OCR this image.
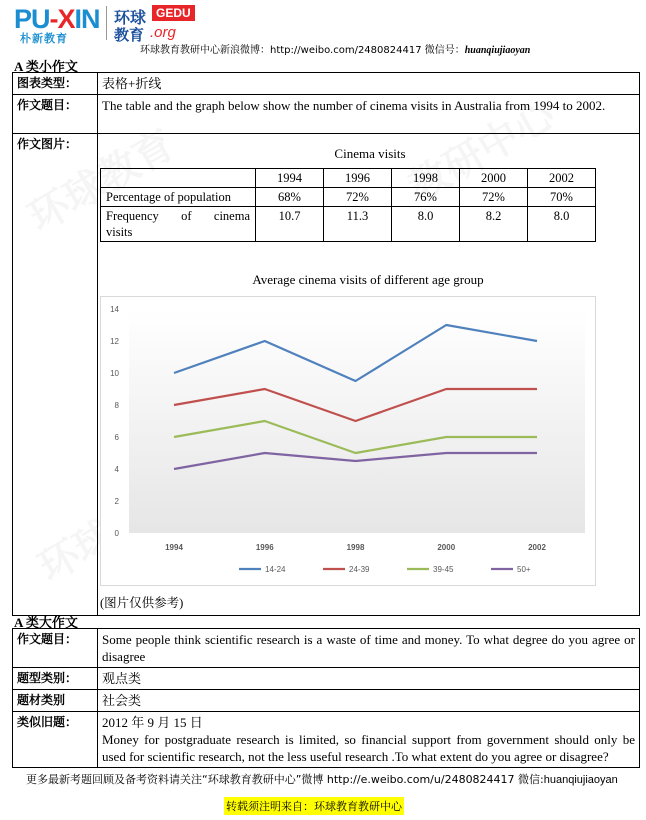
PU-XIN
朴新教育
环球 GEDU
教育 .org
环球教育教研中心新浪微博：http://weibo.com/2480824417 微信号：huanqiujiaoyan
A 类小作文
图表类型：	表格+折线
作文题目：	The table and the graph below show the number of cinema visits in Australia from 1994 to 2002.
作文图片：	
Cinema visits
	1994	1996	1998	2000	2002
Percentage of population	68%	72%	76%	72%	70%

Frequency of cinema
visits	10.7	11.3	8.0	8.2	8.0
Average cinema visits of different age group
0
2
4
6
8
10
12
14
1994	1996	1998	2000	2002
14-24	24-39	39-45	50+
(图片仅供参考)
A 类大作文
作文题目：	Some people think scientific research is a waste of time and money. To what degree do you agree or disagree
题型类别：	观点类
题材类别	社会类
类似旧题：	2012 年 9 月 15 日
Money for postgraduate research is limited, so financial support from government should only be used for scientific research, not the less useful research .To what extent do you agree or disagree?
更多最新考题回顾及备考资料请关注“环球教育教研中心”微博 http://e.weibo.com/u/2480824417 微信:huanqiujiaoyan
转载须注明来自：环球教育教研中心
